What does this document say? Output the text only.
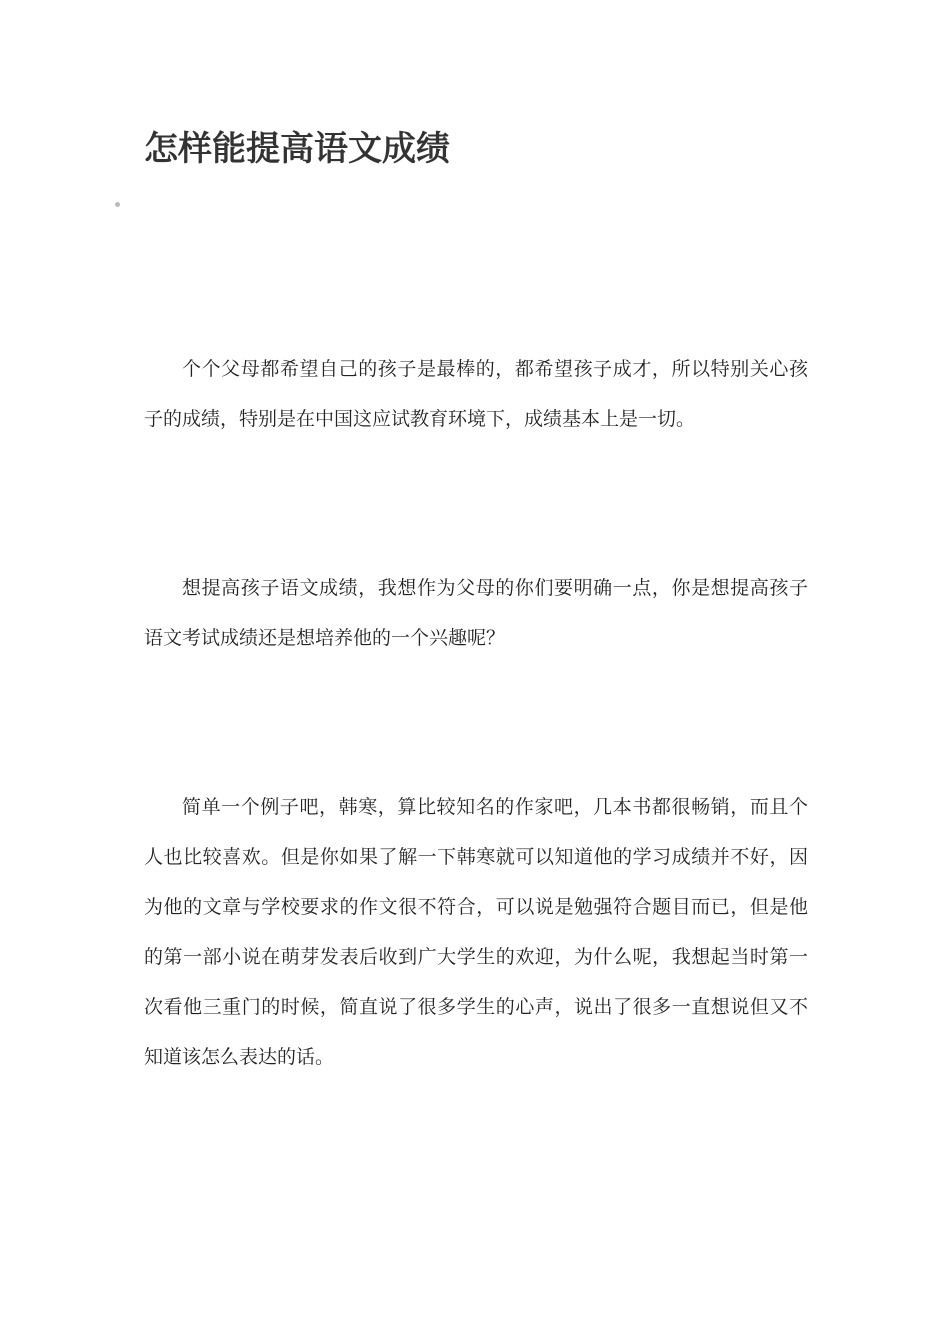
怎样能提高语文成绩

个个父母都希望自己的孩子是最棒的，都希望孩子成才，所以特别关心孩子的成绩，特别是在中国这应试教育环境下，成绩基本上是一切。

想提高孩子语文成绩，我想作为父母的你们要明确一点，你是想提高孩子语文考试成绩还是想培养他的一个兴趣呢？

简单一个例子吧，韩寒，算比较知名的作家吧，几本书都很畅销，而且个人也比较喜欢。但是你如果了解一下韩寒就可以知道他的学习成绩并不好，因为他的文章与学校要求的作文很不符合，可以说是勉强符合题目而已，但是他的第一部小说在萌芽发表后收到广大学生的欢迎，为什么呢，我想起当时第一次看他三重门的时候，简直说了很多学生的心声，说出了很多一直想说但又不知道该怎么表达的话。
